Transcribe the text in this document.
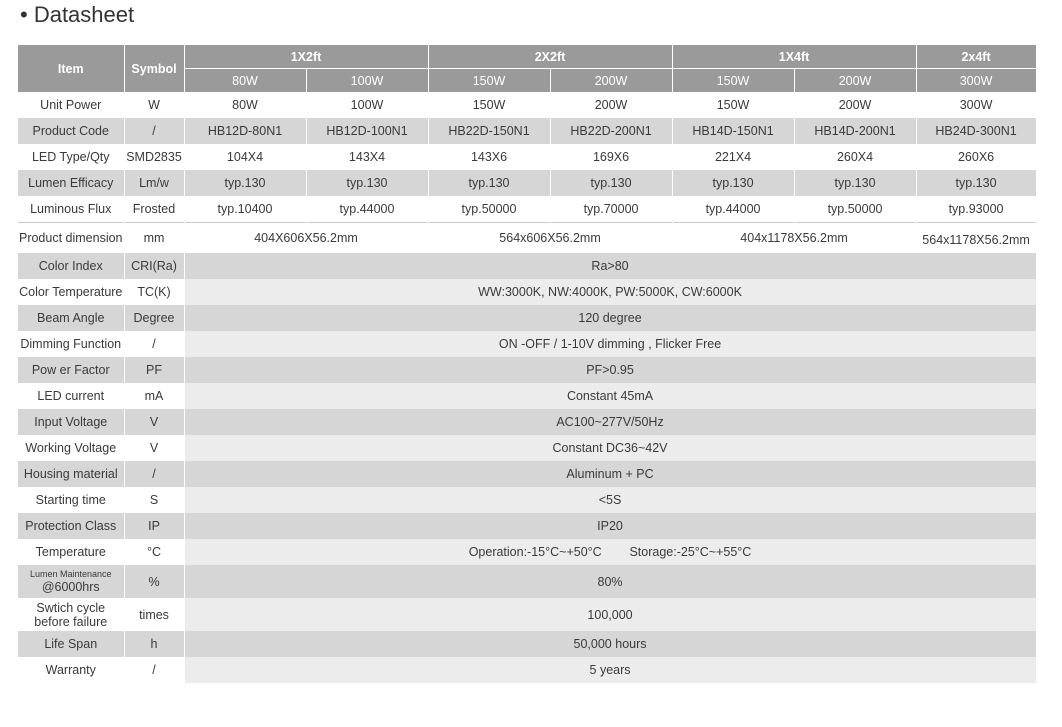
• Datasheet
Item	Symbol	1X2ft		2X2ft		1X4ft		2x4ft
		80W	100W	150W	200W	150W	200W	300W
Unit Power	W	80W	100W	150W	200W	150W	200W	300W
Product Code	/	HB12D-80N1	HB12D-100N1	HB22D-150N1	HB22D-200N1	HB14D-150N1	HB14D-200N1	HB24D-300N1
LED Type/Qty	SMD2835	104X4	143X4	143X6	169X6	221X4	260X4	260X6
Lumen Efficacy	Lm/w	typ.130	typ.130	typ.130	typ.130	typ.130	typ.130	typ.130
Luminous Flux	Frosted	typ.10400	typ.44000	typ.50000	typ.70000	typ.44000	typ.50000	typ.93000
Product dimension	mm	404X606X56.2mm		564x606X56.2mm		404x1178X56.2mm		564x1178X56.2mm
Color Index	CRI(Ra)	Ra>80						
Color Temperature	TC(K)	WW:3000K, NW:4000K, PW:5000K, CW:6000K						
Beam Angle	Degree	120 degree						
Dimming Function	/	ON -OFF / 1-10V dimming , Flicker Free						
Pow er Factor	PF	PF>0.95						
LED current	mA	Constant 45mA						
Input Voltage	V	AC100~277V/50Hz						
Working Voltage	V	Constant DC36~42V						
Housing material	/	Aluminum + PC						
Starting time	S	<5S						
Protection Class	IP	IP20						
Temperature	°C	Operation:-15°C~+50°C        Storage:-25°C~+55°C						

Lumen Maintenance
@6000hrs	%	80%						

Swtich cycle
before failure	times	100,000						
Life Span	h	50,000 hours						
Warranty	/	5 years						
